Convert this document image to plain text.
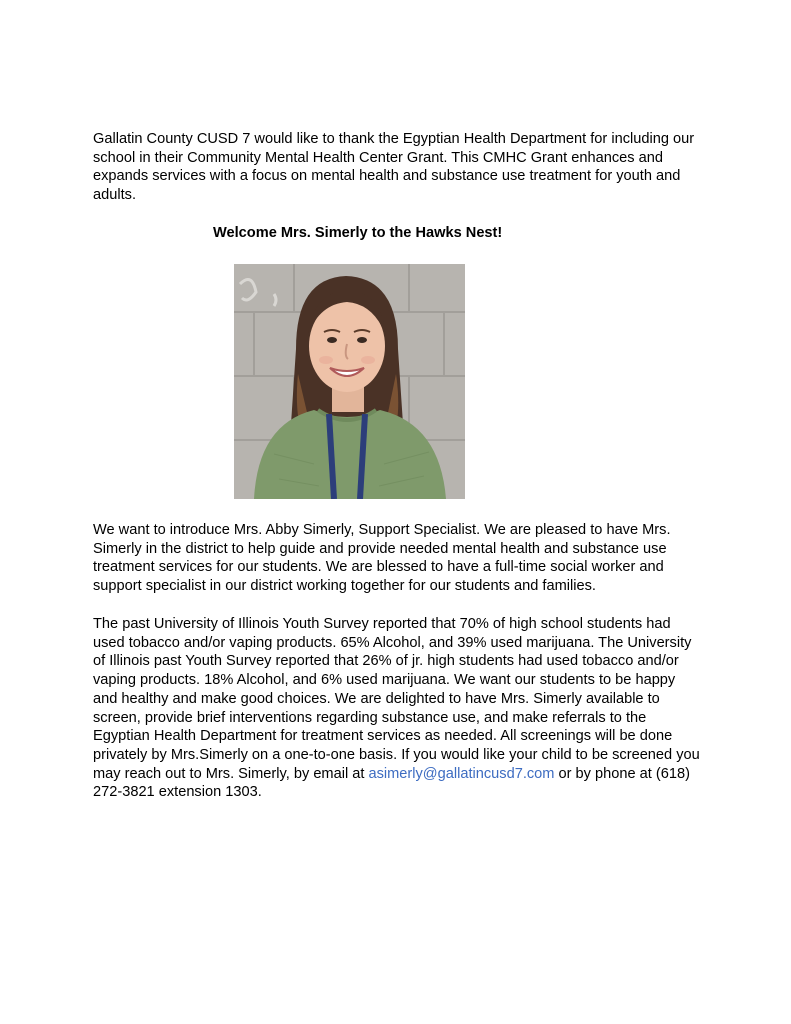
Gallatin County CUSD 7 would like to thank the Egyptian Health Department for including our school in their Community Mental Health Center Grant. This CMHC Grant enhances and expands services with a focus on mental health and substance use treatment for youth and adults.

Welcome Mrs. Simerly to the Hawks Nest!

We want to introduce Mrs. Abby Simerly, Support Specialist. We are pleased to have Mrs. Simerly in the district to help guide and provide needed mental health and substance use treatment services for our students. We are blessed to have a full-time social worker and support specialist in our district working together for our students and families.

The past University of Illinois Youth Survey reported that 70% of high school students had used tobacco and/or vaping products. 65% Alcohol, and 39% used marijuana. The University of Illinois past Youth Survey reported that 26% of jr. high students had used tobacco and/or vaping products. 18% Alcohol, and 6% used marijuana. We want our students to be happy and healthy and make good choices. We are delighted to have Mrs. Simerly available to screen, provide brief interventions regarding substance use, and make referrals to the Egyptian Health Department for treatment services as needed. All screenings will be done privately by Mrs.Simerly on a one-to-one basis. If you would like your child to be screened you may reach out to Mrs. Simerly, by email at asimerly@gallatincusd7.com or by phone at (618) 272-3821 extension 1303.
